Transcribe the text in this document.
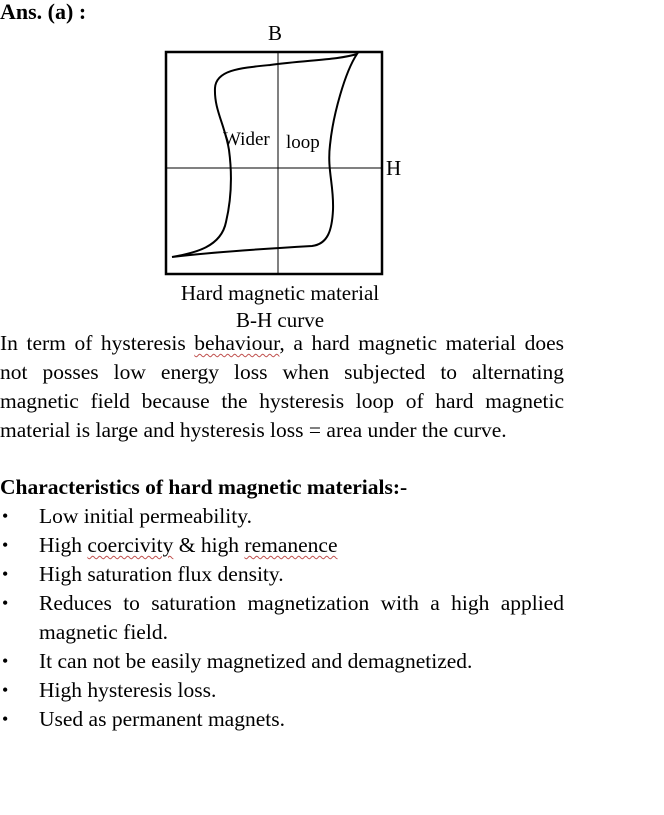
Ans. (a) :
B
H
Wider loop
Hard magnetic material
B-H curve

In term of hysteresis behaviour, a hard magnetic material does not posses low energy loss when subjected to alternating magnetic field because the hysteresis loop of hard magnetic material is large and hysteresis loss = area under the curve.

Characteristics of hard magnetic materials:-
• Low initial permeability.
• High coercivity & high remanence
• High saturation flux density.
• Reduces to saturation magnetization with a high applied magnetic field.
• It can not be easily magnetized and demagnetized.
• High hysteresis loss.
• Used as permanent magnets.
